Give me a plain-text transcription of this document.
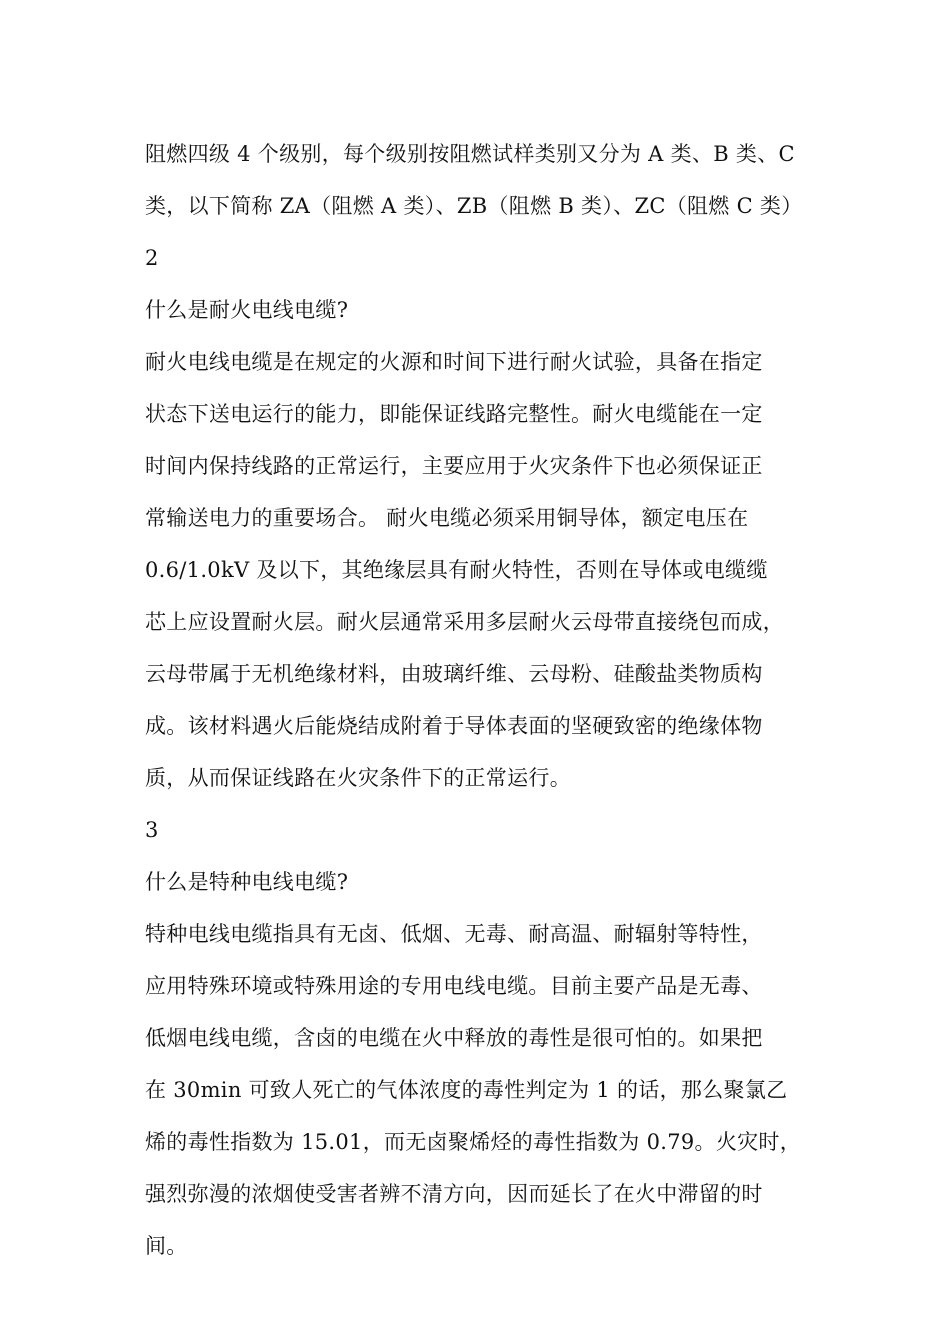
阻燃四级 4 个级别，每个级别按阻燃试样类别又分为 A 类、B 类、C
类，以下简称 ZA（阻燃 A 类）、ZB（阻燃 B 类）、ZC（阻燃 C 类）
2
什么是耐火电线电缆?
耐火电线电缆是在规定的火源和时间下进行耐火试验，具备在指定
状态下送电运行的能力，即能保证线路完整性。耐火电缆能在一定
时间内保持线路的正常运行，主要应用于火灾条件下也必须保证正
常输送电力的重要场合。 耐火电缆必须采用铜导体，额定电压在
0.6/1.0kV 及以下，其绝缘层具有耐火特性，否则在导体或电缆缆
芯上应设置耐火层。耐火层通常采用多层耐火云母带直接绕包而成，
云母带属于无机绝缘材料，由玻璃纤维、云母粉、硅酸盐类物质构
成。该材料遇火后能烧结成附着于导体表面的坚硬致密的绝缘体物
质，从而保证线路在火灾条件下的正常运行。
3
什么是特种电线电缆?
特种电线电缆指具有无卤、低烟、无毒、耐高温、耐辐射等特性，
应用特殊环境或特殊用途的专用电线电缆。目前主要产品是无毒、
低烟电线电缆，含卤的电缆在火中释放的毒性是很可怕的。如果把
在 30min 可致人死亡的气体浓度的毒性判定为 1 的话，那么聚氯乙
烯的毒性指数为 15.01，而无卤聚烯烃的毒性指数为 0.79。火灾时，
强烈弥漫的浓烟使受害者辨不清方向，因而延长了在火中滞留的时
间。
